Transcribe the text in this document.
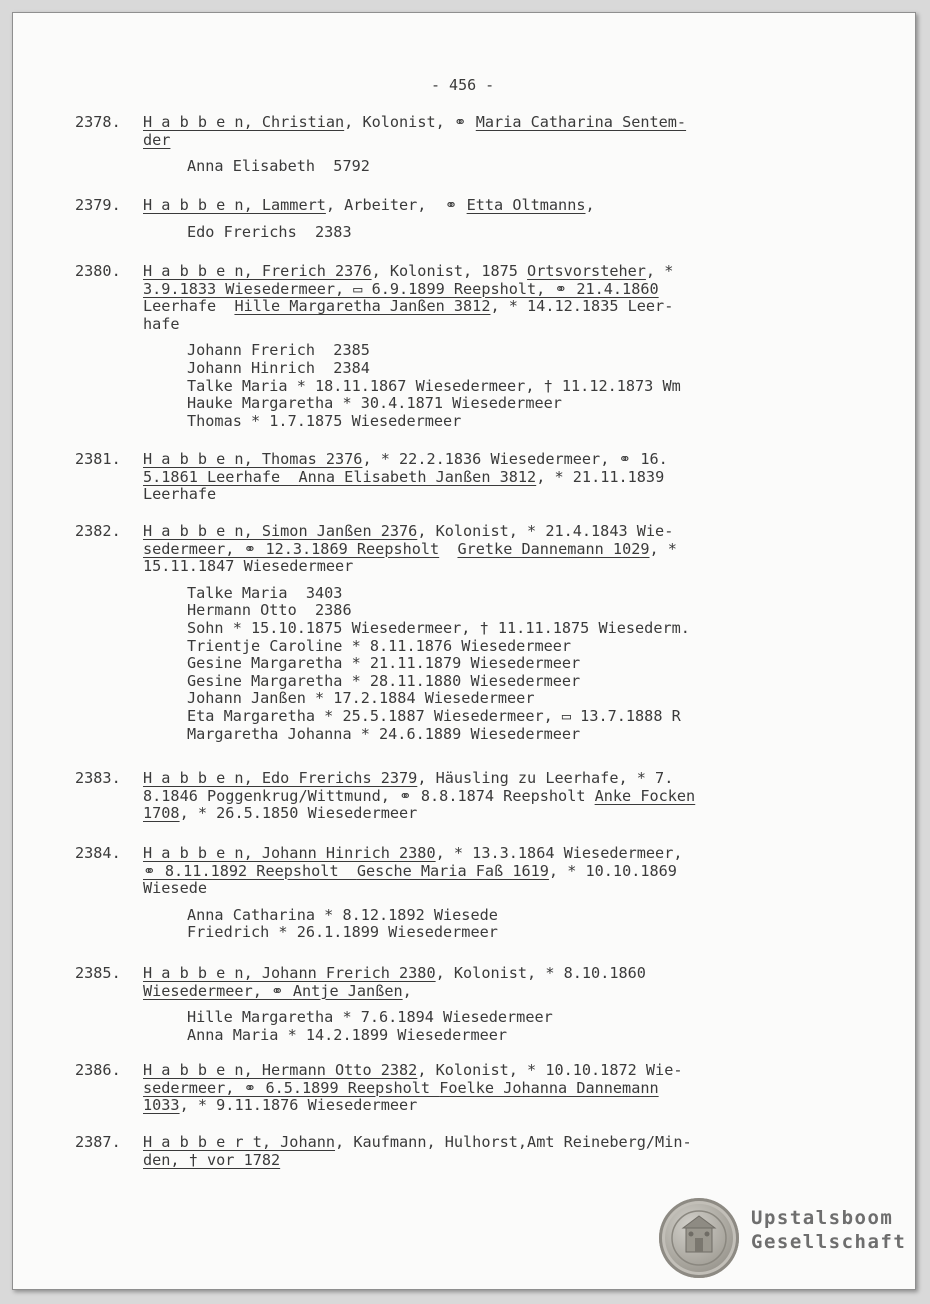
- 456 -
2378. H a b b e n, Christian, Kolonist, ⚭ Maria Catharina Sentem-
der
Anna Elisabeth  5792
2379. H a b b e n, Lammert, Arbeiter,  ⚭ Etta Oltmanns,
Edo Frerichs  2383
2380. H a b b e n, Frerich 2376, Kolonist, 1875 Ortsvorsteher, *
3.9.1833 Wiesedermeer, ▭ 6.9.1899 Reepsholt, ⚭ 21.4.1860
Leerhafe  Hille Margaretha Janßen 3812, * 14.12.1835 Leer-
hafe
Johann Frerich  2385
Johann Hinrich  2384
Talke Maria * 18.11.1867 Wiesedermeer, † 11.12.1873 Wm
Hauke Margaretha * 30.4.1871 Wiesedermeer
Thomas * 1.7.1875 Wiesedermeer
2381. H a b b e n, Thomas 2376, * 22.2.1836 Wiesedermeer, ⚭ 16.
5.1861 Leerhafe  Anna Elisabeth Janßen 3812, * 21.11.1839
Leerhafe
2382. H a b b e n, Simon Janßen 2376, Kolonist, * 21.4.1843 Wie-
sedermeer, ⚭ 12.3.1869 Reepsholt Gretke Dannemann 1029, *
15.11.1847 Wiesedermeer
Talke Maria  3403
Hermann Otto  2386
Sohn * 15.10.1875 Wiesedermeer, † 11.11.1875 Wiesederm.
Trientje Caroline * 8.11.1876 Wiesedermeer
Gesine Margaretha * 21.11.1879 Wiesedermeer
Gesine Margaretha * 28.11.1880 Wiesedermeer
Johann Janßen * 17.2.1884 Wiesedermeer
Eta Margaretha * 25.5.1887 Wiesedermeer, ▭ 13.7.1888 R
Margaretha Johanna * 24.6.1889 Wiesedermeer
2383. H a b b e n, Edo Frerichs 2379, Häusling zu Leerhafe, * 7.
8.1846 Poggenkrug/Wittmund, ⚭ 8.8.1874 Reepsholt Anke Focken
1708, * 26.5.1850 Wiesedermeer
2384. H a b b e n, Johann Hinrich 2380, * 13.3.1864 Wiesedermeer,
⚭ 8.11.1892 Reepsholt  Gesche Maria Faß 1619, * 10.10.1869
Wiesede
Anna Catharina * 8.12.1892 Wiesede
Friedrich * 26.1.1899 Wiesedermeer
2385. H a b b e n, Johann Frerich 2380, Kolonist, * 8.10.1860
Wiesedermeer, ⚭ Antje Janßen,
Hille Margaretha * 7.6.1894 Wiesedermeer
Anna Maria * 14.2.1899 Wiesedermeer
2386. H a b b e n, Hermann Otto 2382, Kolonist, * 10.10.1872 Wie-
sedermeer, ⚭ 6.5.1899 Reepsholt Foelke Johanna Dannemann
1033, * 9.11.1876 Wiesedermeer
2387. H a b b e r t, Johann, Kaufmann, Hulhorst,Amt Reineberg/Min-
den, † vor 1782
Upstalsboom
Gesellschaft
